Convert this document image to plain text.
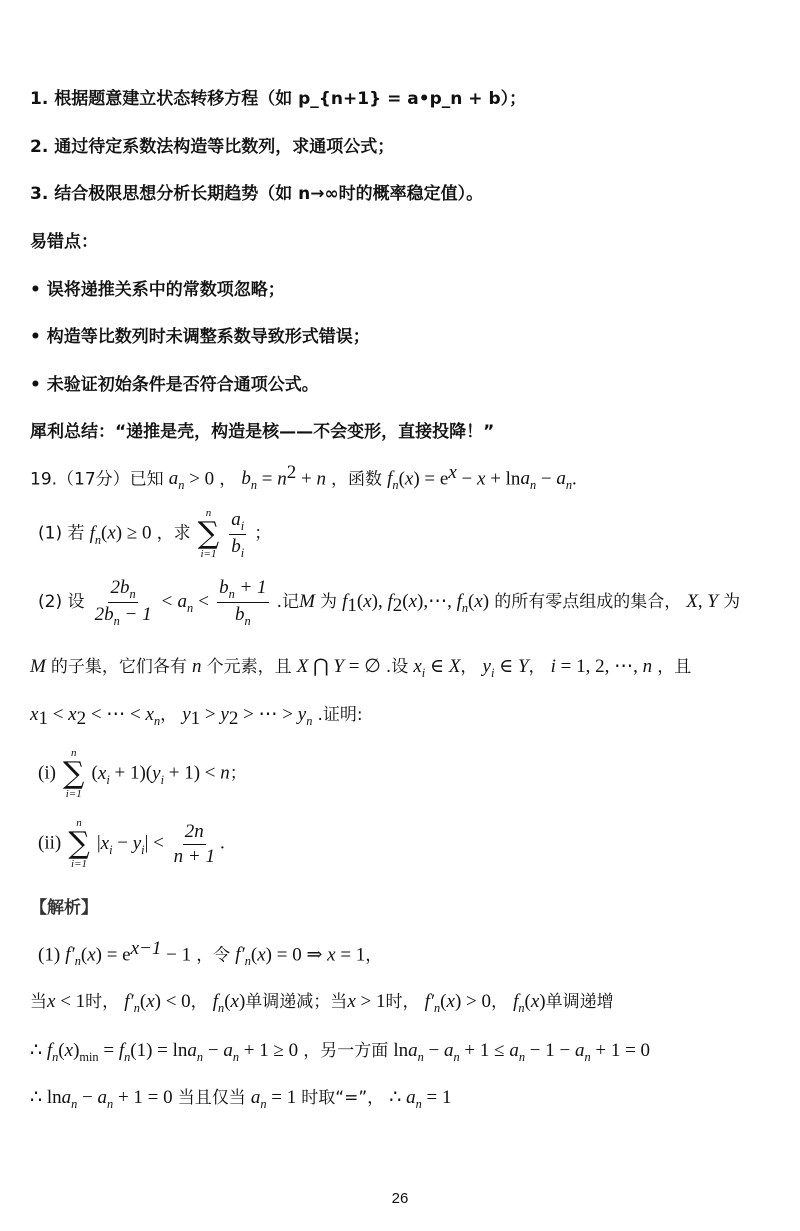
1. 根据题意建立状态转移方程（如 p_{n+1} = a•p_n + b）；
2. 通过待定系数法构造等比数列，求通项公式；
3. 结合极限思想分析长期趋势（如 n→∞时的概率稳定值）。
易错点：
• 误将递推关系中的常数项忽略；
• 构造等比数列时未调整系数导致形式错误；
• 未验证初始条件是否符合通项公式。
犀利总结：“递推是壳，构造是核——不会变形，直接投降！”
19.（17分）已知 $a_n > 0$ ， $b_n = n^2 + n$ ，函数 $f_n(x) = e^x - x + \ln a_n - a_n$.
(1) 若 $f_n(x) \ge 0$ ，求
n
∑
i=1
$\frac{a_i}{b_i}$ ；
(2) 设 $\frac{2b_n}{2b_n - 1} < a_n < \frac{b_n + 1}{b_n}$ .记M 为 $f_1(x)$, $f_2(x),\cdots$, $f_n(x)$ 的所有零点组成的集合， X, Y 为
M 的子集，它们各有 n 个元素，且 X ⋂ Y = ∅ .设 $x_i$ ∈ X， $y_i$ ∈ Y， i = 1, 2, ⋯, n ，且
$x_1 < x_2$ < ⋯ < $x_n$， $y_1 > y_2$ > ⋯ > $y_n$ .证明:
(i)
n
∑
i=1
$(x_i + 1)(y_i + 1) < n$；
(ii)
n
∑
i=1
$|x_i - y_i| < \frac{2n}{n + 1}$ .
【解析】
(1) $f'_n(x) = e^{x-1} - 1$ ，令 $f'_n(x) = 0$ ⇒ x = 1，
当x < 1时， $f'_n(x) < 0$， $f_n(x)$单调递减；当x > 1时， $f'_n(x) > 0$， $f_n(x)$单调递增
∴ $f_n(x)_{min} = f_n(1) = \ln a_n - a_n + 1 \ge 0$ ，另一方面 $\ln a_n - a_n + 1 \le a_n - 1 - a_n + 1 = 0$
∴ $\ln a_n - a_n + 1 = 0$ 当且仅当 $a_n = 1$ 时取“=”， ∴ $a_n = 1$
26
